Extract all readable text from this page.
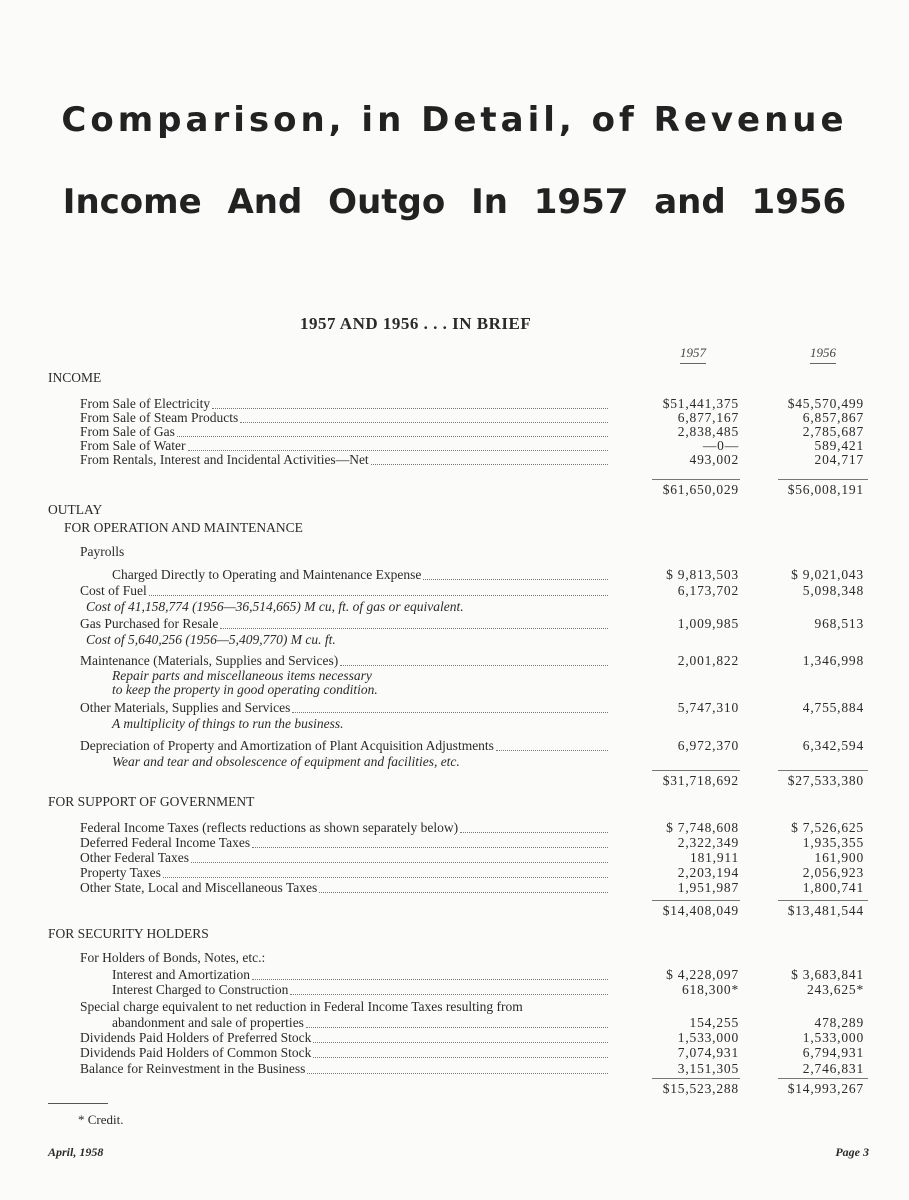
Comparison, in Detail, of Revenue
Income And Outgo In 1957 and 1956
1957 AND 1956 . . . IN BRIEF
1957	1956
INCOME
From Sale of Electricity	$51,441,375	$45,570,499
From Sale of Steam Products	6,877,167	6,857,867
From Sale of Gas	2,838,485	2,785,687
From Sale of Water	—0—	589,421
From Rentals, Interest and Incidental Activities—Net	493,002	204,717
$61,650,029	$56,008,191
OUTLAY
FOR OPERATION AND MAINTENANCE
Payrolls
Charged Directly to Operating and Maintenance Expense	$ 9,813,503	$ 9,021,043
Cost of Fuel	6,173,702	5,098,348
Cost of 41,158,774 (1956—36,514,665) M cu, ft. of gas or equivalent.
Gas Purchased for Resale	1,009,985	968,513
Cost of 5,640,256 (1956—5,409,770) M cu. ft.
Maintenance (Materials, Supplies and Services)	2,001,822	1,346,998
Repair parts and miscellaneous items necessary
to keep the property in good operating condition.
Other Materials, Supplies and Services	5,747,310	4,755,884
A multiplicity of things to run the business.
Depreciation of Property and Amortization of Plant Acquisition Adjustments	6,972,370	6,342,594
Wear and tear and obsolescence of equipment and facilities, etc.
$31,718,692	$27,533,380
FOR SUPPORT OF GOVERNMENT
Federal Income Taxes (reflects reductions as shown separately below)	$ 7,748,608	$ 7,526,625
Deferred Federal Income Taxes	2,322,349	1,935,355
Other Federal Taxes	181,911	161,900
Property Taxes	2,203,194	2,056,923
Other State, Local and Miscellaneous Taxes	1,951,987	1,800,741
$14,408,049	$13,481,544
FOR SECURITY HOLDERS
For Holders of Bonds, Notes, etc.:
Interest and Amortization	$ 4,228,097	$ 3,683,841
Interest Charged to Construction	618,300*	243,625*
Special charge equivalent to net reduction in Federal Income Taxes resulting from
abandonment and sale of properties	154,255	478,289
Dividends Paid Holders of Preferred Stock	1,533,000	1,533,000
Dividends Paid Holders of Common Stock	7,074,931	6,794,931
Balance for Reinvestment in the Business	3,151,305	2,746,831
$15,523,288	$14,993,267
* Credit.
April, 1958	Page 3
